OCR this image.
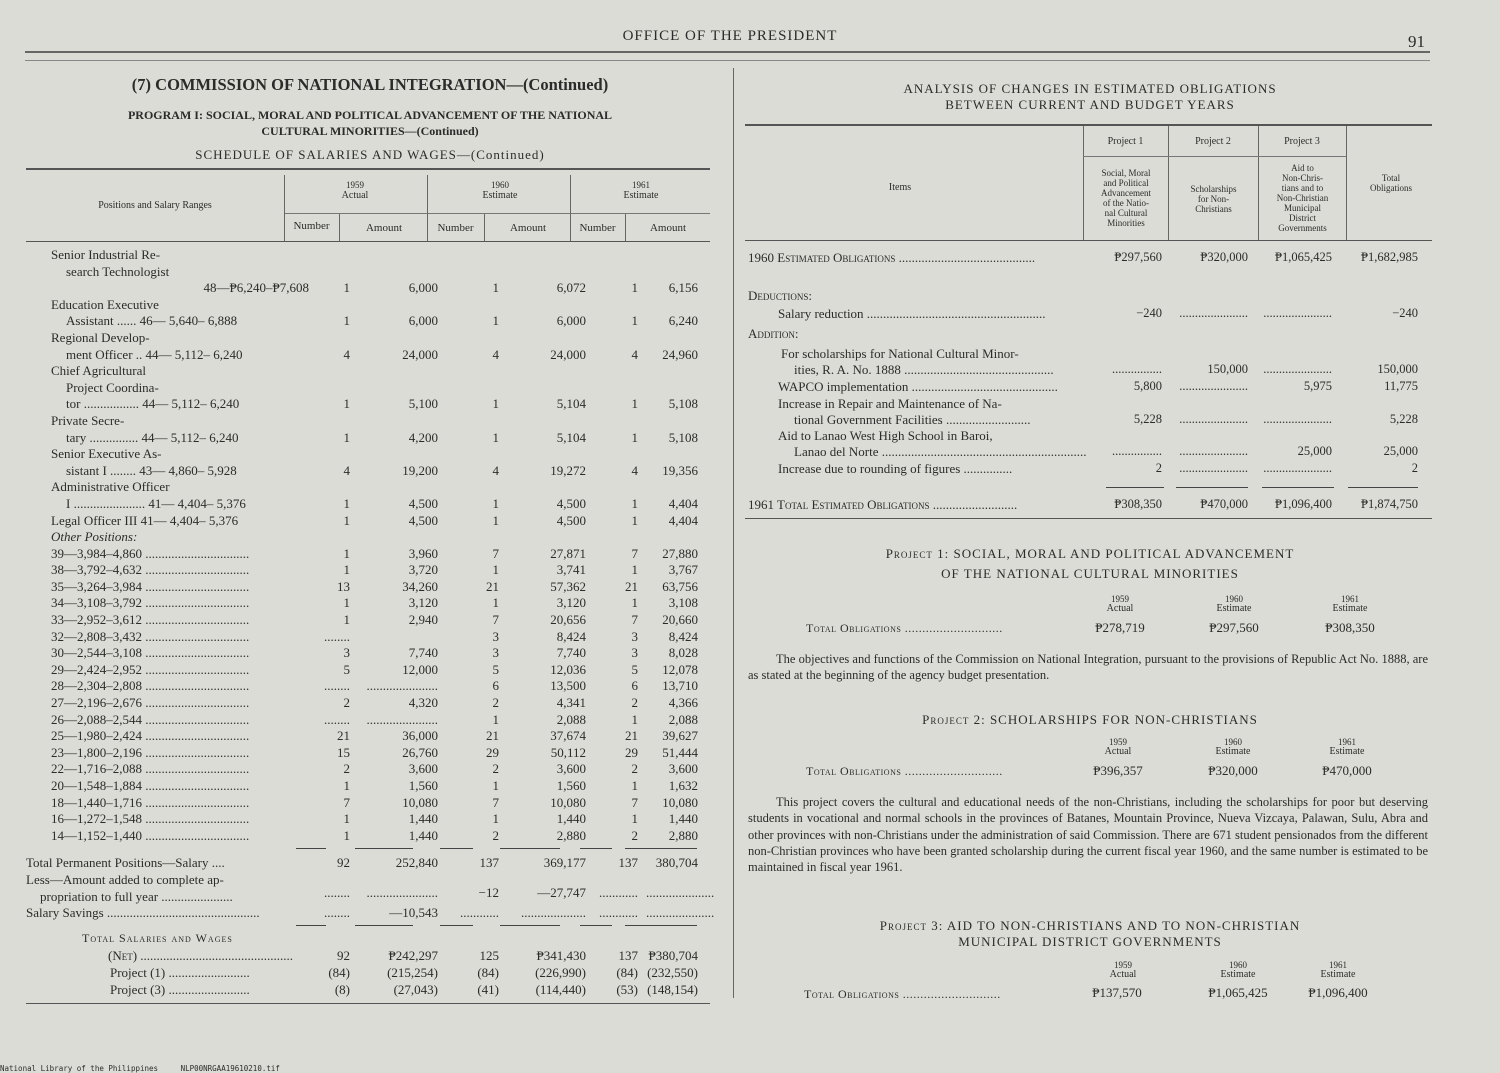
OFFICE OF THE PRESIDENT	91
(7) COMMISSION OF NATIONAL INTEGRATION—(Continued)
PROGRAM I: SOCIAL, MORAL AND POLITICAL ADVANCEMENT OF THE NATIONAL
CULTURAL MINORITIES—(Continued)
SCHEDULE OF SALARIES AND WAGES—(Continued)
Positions and Salary Ranges
1959
Actual
1960
Estimate
1961
Estimate
Number	Amount	Number	Amount	Number	Amount
Senior Industrial Re-
search Technologist
48—₱6,240–₱7,608	1	6,000	1	6,072	1	6,156
Education Executive
Assistant ...... 46— 5,640– 6,888	1	6,000	1	6,000	1	6,240
Regional Develop-
ment Officer .. 44— 5,112– 6,240	4	24,000	4	24,000	4	24,960
Chief Agricultural
Project Coordina-
tor ................. 44— 5,112– 6,240	1	5,100	1	5,104	1	5,108
Private Secre-
tary ............... 44— 5,112– 6,240	1	4,200	1	5,104	1	5,108
Senior Executive As-
sistant I ........ 43— 4,860– 5,928	4	19,200	4	19,272	4	19,356
Administrative Officer
I ...................... 41— 4,404– 5,376	1	4,500	1	4,500	1	4,404
Legal Officer III 41— 4,404– 5,376	1	4,500	1	4,500	1	4,404
Other Positions:
39—3,984–4,860 ................................	1	3,960	7	27,871	7	27,880
38—3,792–4,632 ................................	1	3,720	1	3,741	1	3,767
35—3,264–3,984 ................................	13	34,260	21	57,362	21	63,756
34—3,108–3,792 ................................	1	3,120	1	3,120	1	3,108
33—2,952–3,612 ................................	1	2,940	7	20,656	7	20,660
32—2,808–3,432 ................................	........	3	8,424	3	8,424
30—2,544–3,108 ................................	3	7,740	3	7,740	3	8,028
29—2,424–2,952 ................................	5	12,000	5	12,036	5	12,078
28—2,304–2,808 ................................	........	......................	6	13,500	6	13,710
27—2,196–2,676 ................................	2	4,320	2	4,341	2	4,366
26—2,088–2,544 ................................	........	......................	1	2,088	1	2,088
25—1,980–2,424 ................................	21	36,000	21	37,674	21	39,627
23—1,800–2,196 ................................	15	26,760	29	50,112	29	51,444
22—1,716–2,088 ................................	2	3,600	2	3,600	2	3,600
20—1,548–1,884 ................................	1	1,560	1	1,560	1	1,632
18—1,440–1,716 ................................	7	10,080	7	10,080	7	10,080
16—1,272–1,548 ................................	1	1,440	1	1,440	1	1,440
14—1,152–1,440 ................................	1	1,440	2	2,880	2	2,880
Total Permanent Positions—Salary ....	92	252,840	137	369,177	137	380,704
Less—Amount added to complete ap-
propriation to full year ......................	........	......................	−12	—27,747	............ .....................
Salary Savings ...............................................	........	—10,543	............	....................	............ .....................
Total Salaries and Wages
(Net) ...............................................	92	₱242,297	125	₱341,430	137 ₱380,704
Project (1) .........................	(84)	(215,254)	(84)	(226,990)	(84) (232,550)
Project (3) .........................	(8)	(27,043)	(41)	(114,440)	(53) (148,154)
ANALYSIS OF CHANGES IN ESTIMATED OBLIGATIONS
BETWEEN CURRENT AND BUDGET YEARS
Project 1	Project 2	Project 3
Items
Social, Moral
and Political
Advancement
of the Natio-
nal Cultural
Minorities
Scholarships
for Non-
Christians
Aid to
Non-Chris-
tians and to
Non-Christian
Municipal
District
Governments
Total
Obligations
1960 Estimated Obligations ..........................................	₱297,560	₱320,000	₱1,065,425	₱1,682,985
Deductions:
Salary reduction .......................................................	−240	...................... ......................	−240
Addition:
For scholarships for National Cultural Minor-
ities, R. A. No. 1888 ..............................................	................	150,000 ......................	150,000
WAPCO implementation .............................................	5,800	......................	5,975	11,775
Increase in Repair and Maintenance of Na-
tional Government Facilities ..........................	5,228	...................... ......................	5,228
Aid to Lanao West High School in Baroi,
Lanao del Norte ...............................................................	................	......................	25,000	25,000
Increase due to rounding of figures ...............	2	...................... ......................	2
1961 Total Estimated Obligations ..........................	₱308,350	₱470,000	₱1,096,400	₱1,874,750
Project 1: SOCIAL, MORAL AND POLITICAL ADVANCEMENT
OF THE NATIONAL CULTURAL MINORITIES
1959
Actual
1960
Estimate
1961
Estimate
Total Obligations ............................	₱278,719	₱297,560	₱308,350
The objectives and functions of the Commission on National Integration, pursuant to the provisions of Republic Act No. 1888, are as stated at the beginning of the agency budget presentation.
Project 2: SCHOLARSHIPS FOR NON-CHRISTIANS
1959
Actual
1960
Estimate
1961
Estimate
Total Obligations ............................	₱396,357	₱320,000	₱470,000
This project covers the cultural and educational needs of the non-Christians, including the scholarships for poor but deserving students in vocational and normal schools in the provinces of Batanes, Mountain Province, Nueva Vizcaya, Palawan, Sulu, Abra and other provinces with non-Christians under the administration of said Commission. There are 671 student pensionados from the different non-Christian provinces who have been granted scholarship during the current fiscal year 1960, and the same number is estimated to be maintained in fiscal year 1961.
Project 3: AID TO NON-CHRISTIANS AND TO NON-CHRISTIAN
MUNICIPAL DISTRICT GOVERNMENTS
1959
Actual
1960
Estimate
1961
Estimate
Total Obligations ............................	₱137,570	₱1,065,425	₱1,096,400
National Library of the Philippines	NLP00NRGAA19610210.tif
